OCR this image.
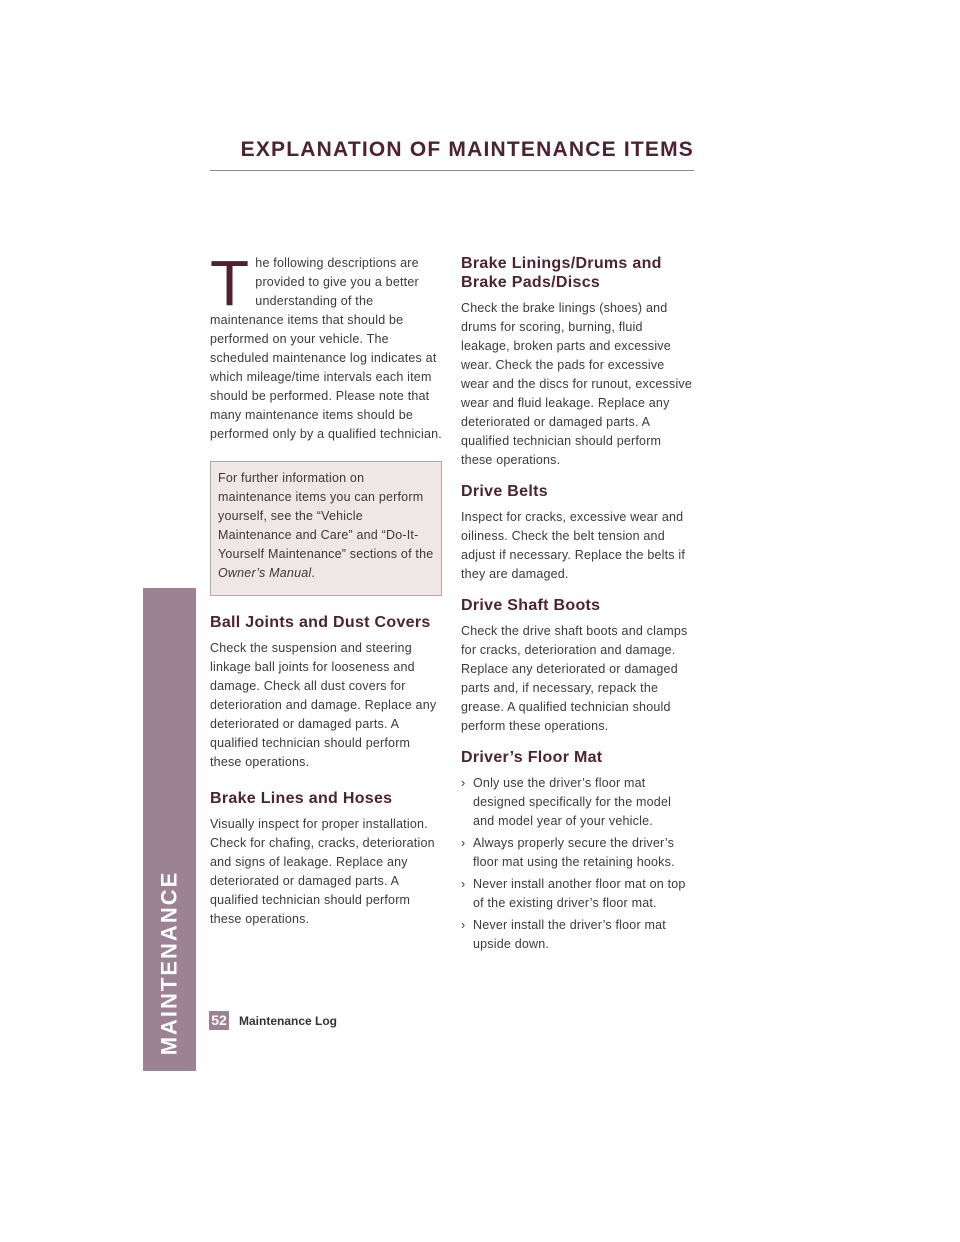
MAINTENANCE
EXPLANATION OF MAINTENANCE ITEMS

The following descriptions are provided to give you a better understanding of the maintenance items that should be performed on your vehicle. The scheduled maintenance log indicates at which mileage/time intervals each item should be performed. Please note that many maintenance items should be performed only by a qualified technician.

For further information on maintenance items you can perform yourself, see the “Vehicle Maintenance and Care” and “Do-It-Yourself Maintenance” sections of the Owner’s Manual.

Ball Joints and Dust Covers

Check the suspension and steering linkage ball joints for looseness and damage. Check all dust covers for deterioration and damage. Replace any deteriorated or damaged parts. A qualified technician should perform these operations.

Brake Lines and Hoses

Visually inspect for proper installation. Check for chafing, cracks, deterioration and signs of leakage. Replace any deteriorated or damaged parts. A qualified technician should perform these operations.

Brake Linings/Drums and Brake Pads/Discs

Check the brake linings (shoes) and drums for scoring, burning, fluid leakage, broken parts and excessive wear. Check the pads for excessive wear and the discs for runout, excessive wear and fluid leakage. Replace any deteriorated or damaged parts. A qualified technician should perform these operations.

Drive Belts

Inspect for cracks, excessive wear and oiliness. Check the belt tension and adjust if necessary. Replace the belts if they are damaged.

Drive Shaft Boots

Check the drive shaft boots and clamps for cracks, deterioration and damage. Replace any deteriorated or damaged parts and, if necessary, repack the grease. A qualified technician should perform these operations.

Driver’s Floor Mat
› Only use the driver’s floor mat designed specifically for the model and model year of your vehicle.
› Always properly secure the driver’s floor mat using the retaining hooks.
› Never install another floor mat on top of the existing driver’s floor mat.
› Never install the driver’s floor mat upside down.
52 Maintenance Log
